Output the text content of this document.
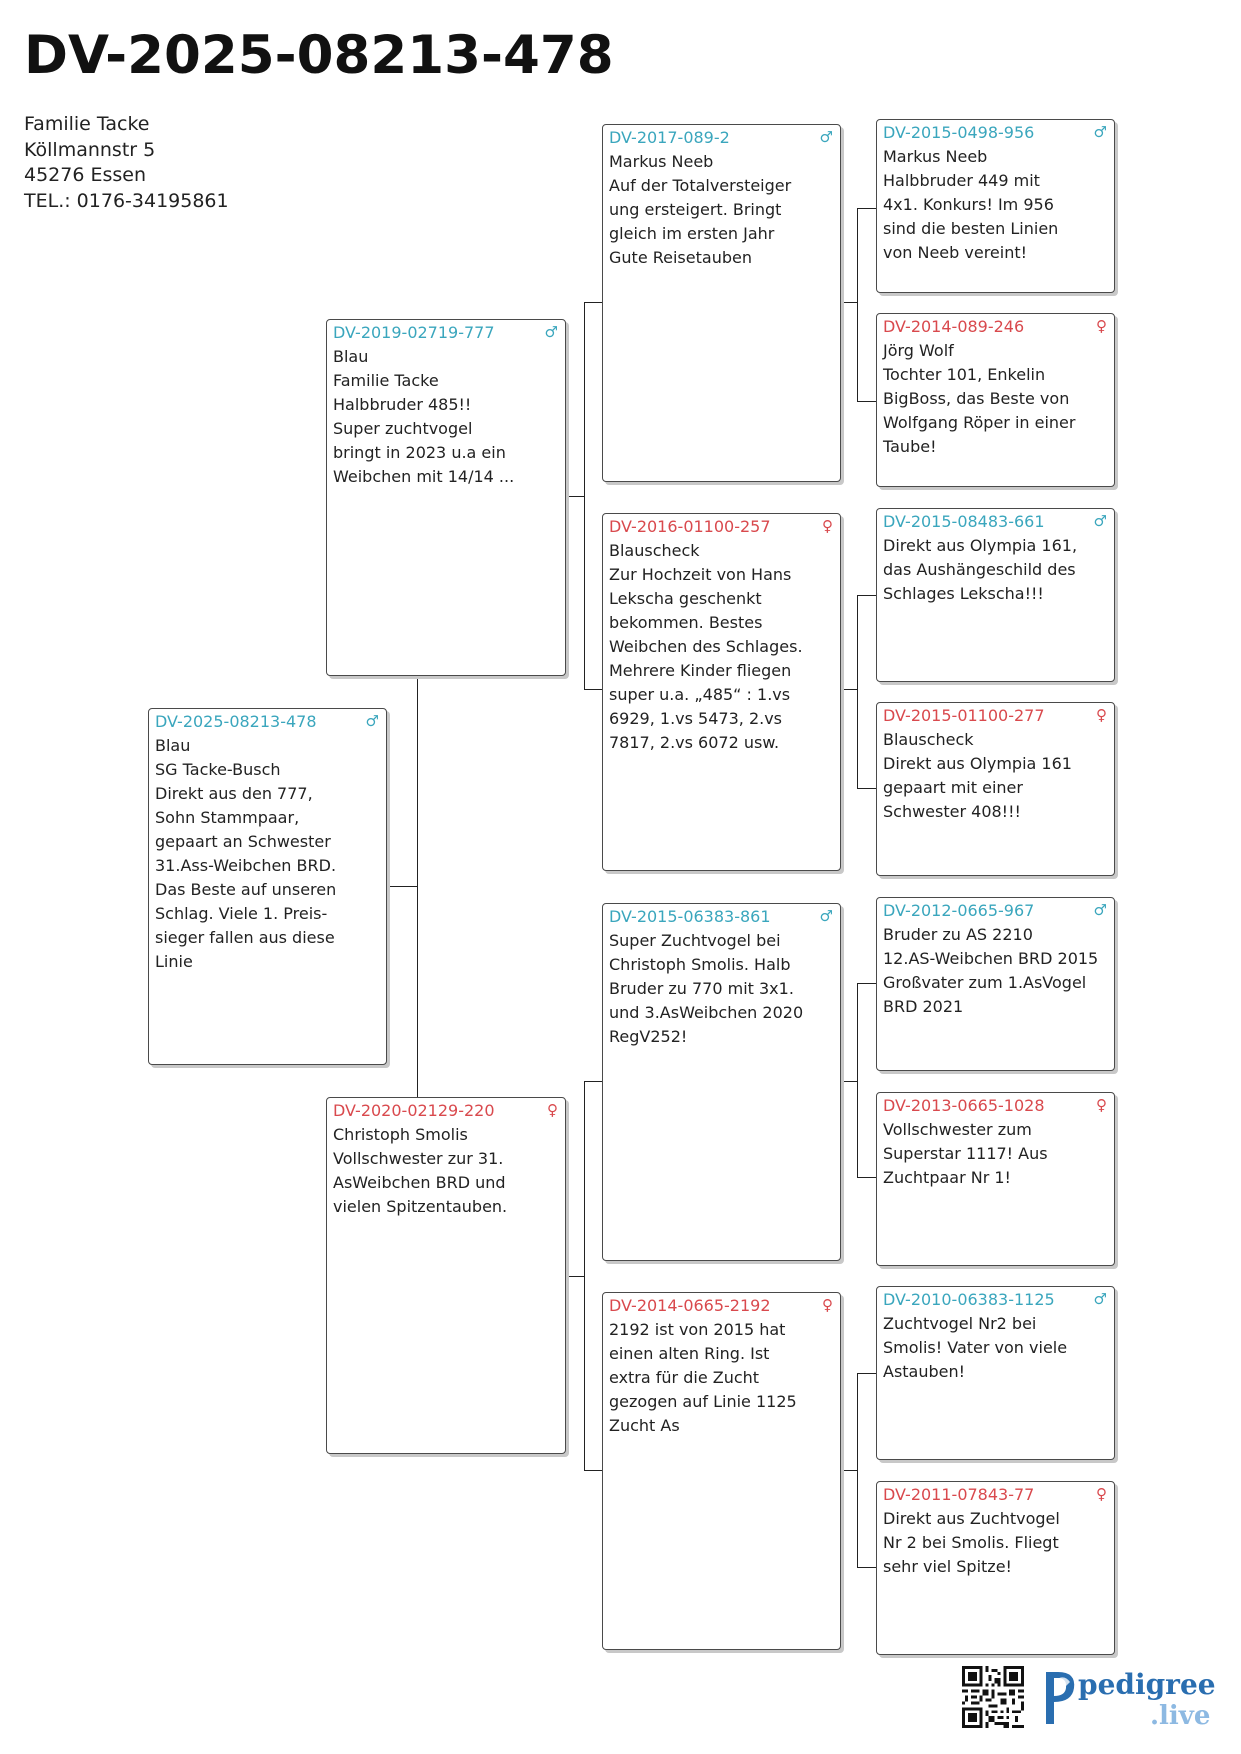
DV-2025-08213-478
Familie Tacke
Köllmannstr 5
45276 Essen
TEL.: 0176-34195861
DV-2025-08213-478	♂
Blau
SG Tacke-Busch
Direkt aus den 777,
Sohn Stammpaar,
gepaart an Schwester
31.Ass-Weibchen BRD.
Das Beste auf unseren
Schlag. Viele 1. Preis-
sieger fallen aus diese
Linie
DV-2019-02719-777	♂
Blau
Familie Tacke
Halbbruder 485!!
Super zuchtvogel
bringt in 2023 u.a ein
Weibchen mit 14/14 ...
DV-2020-02129-220	♀
Christoph Smolis
Vollschwester zur 31.
AsWeibchen BRD und
vielen Spitzentauben.
DV-2017-089-2	♂
Markus Neeb
Auf der Totalversteiger
ung ersteigert. Bringt
gleich im ersten Jahr
Gute Reisetauben
DV-2016-01100-257	♀
Blauscheck
Zur Hochzeit von Hans
Lekscha geschenkt
bekommen. Bestes
Weibchen des Schlages.
Mehrere Kinder fliegen
super u.a. „485“ : 1.vs
6929, 1.vs 5473, 2.vs
7817, 2.vs 6072 usw.
DV-2015-06383-861	♂
Super Zuchtvogel bei
Christoph Smolis. Halb
Bruder zu 770 mit 3x1.
und 3.AsWeibchen 2020
RegV252!
DV-2014-0665-2192	♀
2192 ist von 2015 hat
einen alten Ring. Ist
extra für die Zucht
gezogen auf Linie 1125
Zucht As
DV-2015-0498-956	♂
Markus Neeb
Halbbruder 449 mit
4x1. Konkurs! Im 956
sind die besten Linien
von Neeb vereint!
DV-2014-089-246	♀
Jörg Wolf
Tochter 101, Enkelin
BigBoss, das Beste von
Wolfgang Röper in einer
Taube!
DV-2015-08483-661	♂
Direkt aus Olympia 161,
das Aushängeschild des
Schlages Lekscha!!!
DV-2015-01100-277	♀
Blauscheck
Direkt aus Olympia 161
gepaart mit einer
Schwester 408!!!
DV-2012-0665-967	♂
Bruder zu AS 2210
12.AS-Weibchen BRD 2015
Großvater zum 1.AsVogel
BRD 2021
DV-2013-0665-1028	♀
Vollschwester zum
Superstar 1117! Aus
Zuchtpaar Nr 1!
DV-2010-06383-1125	♂
Zuchtvogel Nr2 bei
Smolis! Vater von viele
Astauben!
DV-2011-07843-77	♀
Direkt aus Zuchtvogel
Nr 2 bei Smolis. Fliegt
sehr viel Spitze!
pedigree
.live
